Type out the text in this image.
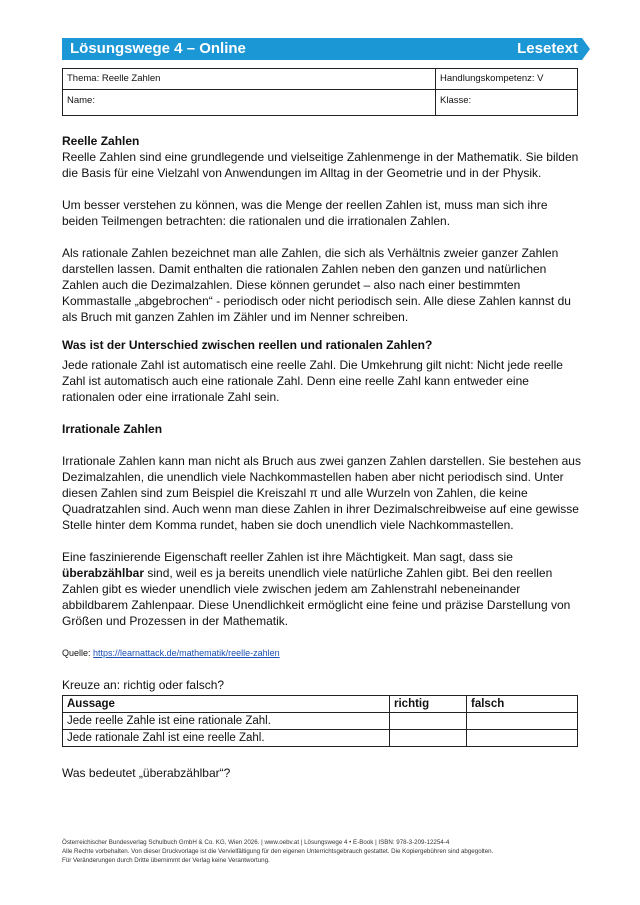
Lösungswege 4 – Online	Lesetext
Thema: Reelle Zahlen	Handlungskompetenz: V
Name:	Klasse:

Reelle Zahlen

Reelle Zahlen sind eine grundlegende und vielseitige Zahlenmenge in der Mathematik. Sie bilden die Basis für eine Vielzahl von Anwendungen im Alltag in der Geometrie und in der Physik.

Um besser verstehen zu können, was die Menge der reellen Zahlen ist, muss man sich ihre beiden Teilmengen betrachten: die rationalen und die irrationalen Zahlen.

Als rationale Zahlen bezeichnet man alle Zahlen, die sich als Verhältnis zweier ganzer Zahlen darstellen lassen. Damit enthalten die rationalen Zahlen neben den ganzen und natürlichen Zahlen auch die Dezimalzahlen. Diese können gerundet – also nach einer bestimmten Kommastalle „abgebrochen“ - periodisch oder nicht periodisch sein. Alle diese Zahlen kannst du als Bruch mit ganzen Zahlen im Zähler und im Nenner schreiben.

Was ist der Unterschied zwischen reellen und rationalen Zahlen?

Jede rationale Zahl ist automatisch eine reelle Zahl. Die Umkehrung gilt nicht: Nicht jede reelle Zahl ist automatisch auch eine rationale Zahl. Denn eine reelle Zahl kann entweder eine rationalen oder eine irrationale Zahl sein.

Irrationale Zahlen

Irrationale Zahlen kann man nicht als Bruch aus zwei ganzen Zahlen darstellen. Sie bestehen aus Dezimalzahlen, die unendlich viele Nachkommastellen haben aber nicht periodisch sind. Unter diesen Zahlen sind zum Beispiel die Kreiszahl π und alle Wurzeln von Zahlen, die keine Quadratzahlen sind. Auch wenn man diese Zahlen in ihrer Dezimalschreibweise auf eine gewisse Stelle hinter dem Komma rundet, haben sie doch unendlich viele Nachkommastellen.

Eine faszinierende Eigenschaft reeller Zahlen ist ihre Mächtigkeit. Man sagt, dass sie überabzählbar sind, weil es ja bereits unendlich viele natürliche Zahlen gibt. Bei den reellen Zahlen gibt es wieder unendlich viele zwischen jedem am Zahlenstrahl nebeneinander abbildbarem Zahlenpaar. Diese Unendlichkeit ermöglicht eine feine und präzise Darstellung von Größen und Prozessen in der Mathematik.

Quelle: https://learnattack.de/mathematik/reelle-zahlen

Kreuze an: richtig oder falsch?
Aussage	richtig	falsch
Jede reelle Zahle ist eine rationale Zahl.		
Jede rationale Zahl ist eine reelle Zahl.		
Was bedeutet „überabzählbar“?
Österreichischer Bundesverlag Schulbuch GmbH & Co. KG, Wien 2026. | www.oebv.at | Lösungswege 4 • E-Book | ISBN: 978-3-209-12254-4
Alle Rechte vorbehalten. Von dieser Druckvorlage ist die Vervielfältigung für den eigenen Unterrichtsgebrauch gestattet. Die Kopiergebühren sind abgegolten.
Für Veränderungen durch Dritte übernimmt der Verlag keine Verantwortung.
